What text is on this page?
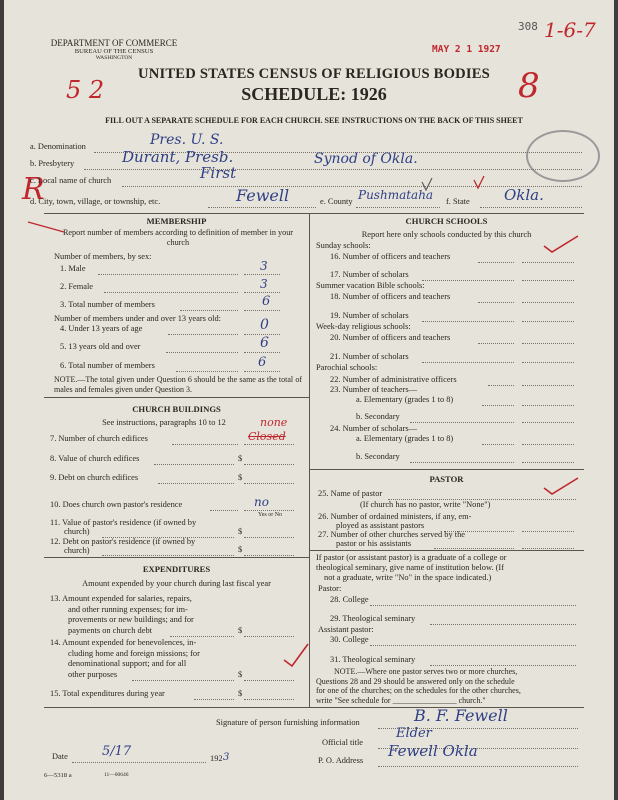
DEPARTMENT OF COMMERCE
BUREAU OF THE CENSUS
WASHINGTON
UNITED STATES CENSUS OF RELIGIOUS BODIES
SCHEDULE: 1926
FILL OUT A SEPARATE SCHEDULE FOR EACH CHURCH. SEE INSTRUCTIONS ON THE BACK OF THIS SHEET
MAY 2 1 1927
308 1-6-7
5 2	8
R
a. Denomination	Pres. U. S.
b. Presbytery	Durant, Presb.	Synod of Okla.
c. Local name of church	First
d. City, town, village, or township, etc.	Fewell	e. County Pushmataha f. State Okla.
MEMBERSHIP
Report number of members according to definition of member in your church
Number of members, by sex:
1. Male	3
2. Female	3
3. Total number of members	6
Number of members under and over 13 years old:
4. Under 13 years of age	0
5. 13 years old and over	6
6. Total number of members	6
NOTE.—The total given under Question 6 should be the same as the total of males and females given under Question 3.
CHURCH BUILDINGS
See instructions, paragraphs 10 to 12	none
7. Number of church edifices	Closed
8. Value of church edifices	$
9. Debt on church edifices	$
10. Does church own pastor's residence	no
Yes or No
11. Value of pastor's residence (if owned by
church)	$
12. Debt on pastor's residence (if owned by
church)	$
EXPENDITURES
Amount expended by your church during last fiscal year
13. Amount expended for salaries, repairs,
and other running expenses; for im-
provements or new buildings; and for
payments on church debt	$
14. Amount expended for benevolences, in-
cluding home and foreign missions; for
denominational support; and for all
other purposes	$
15. Total expenditures during year	$
CHURCH SCHOOLS
Report here only schools conducted by this church
Sunday schools:
16. Number of officers and teachers
17. Number of scholars
Summer vacation Bible schools:
18. Number of officers and teachers
19. Number of scholars
Week-day religious schools:
20. Number of officers and teachers
21. Number of scholars
Parochial schools:
22. Number of administrative officers
23. Number of teachers—
a. Elementary (grades 1 to 8)
b. Secondary
24. Number of scholars—
a. Elementary (grades 1 to 8)
b. Secondary
PASTOR
25. Name of pastor
(If church has no pastor, write "None")
26. Number of ordained ministers, if any, em-
ployed as assistant pastors
27. Number of other churches served by the
pastor or his assistants
If pastor (or assistant pastor) is a graduate of a college or
theological seminary, give name of institution below. (If
not a graduate, write "No" in the space indicated.)
Pastor:
28. College
29. Theological seminary
Assistant pastor:
30. College
31. Theological seminary
NOTE.—Where one pastor serves two or more churches,
Questions 28 and 29 should be answered only on the schedule
for one of the churches; on the schedules for the other churches,
write "See schedule for ________________ church."
Signature of person furnishing information	B. F. Fewell
Official title
Elder
Date	5/17	192 3	P. O. Address
Fewell Okla
6—5318 a	11—00646
